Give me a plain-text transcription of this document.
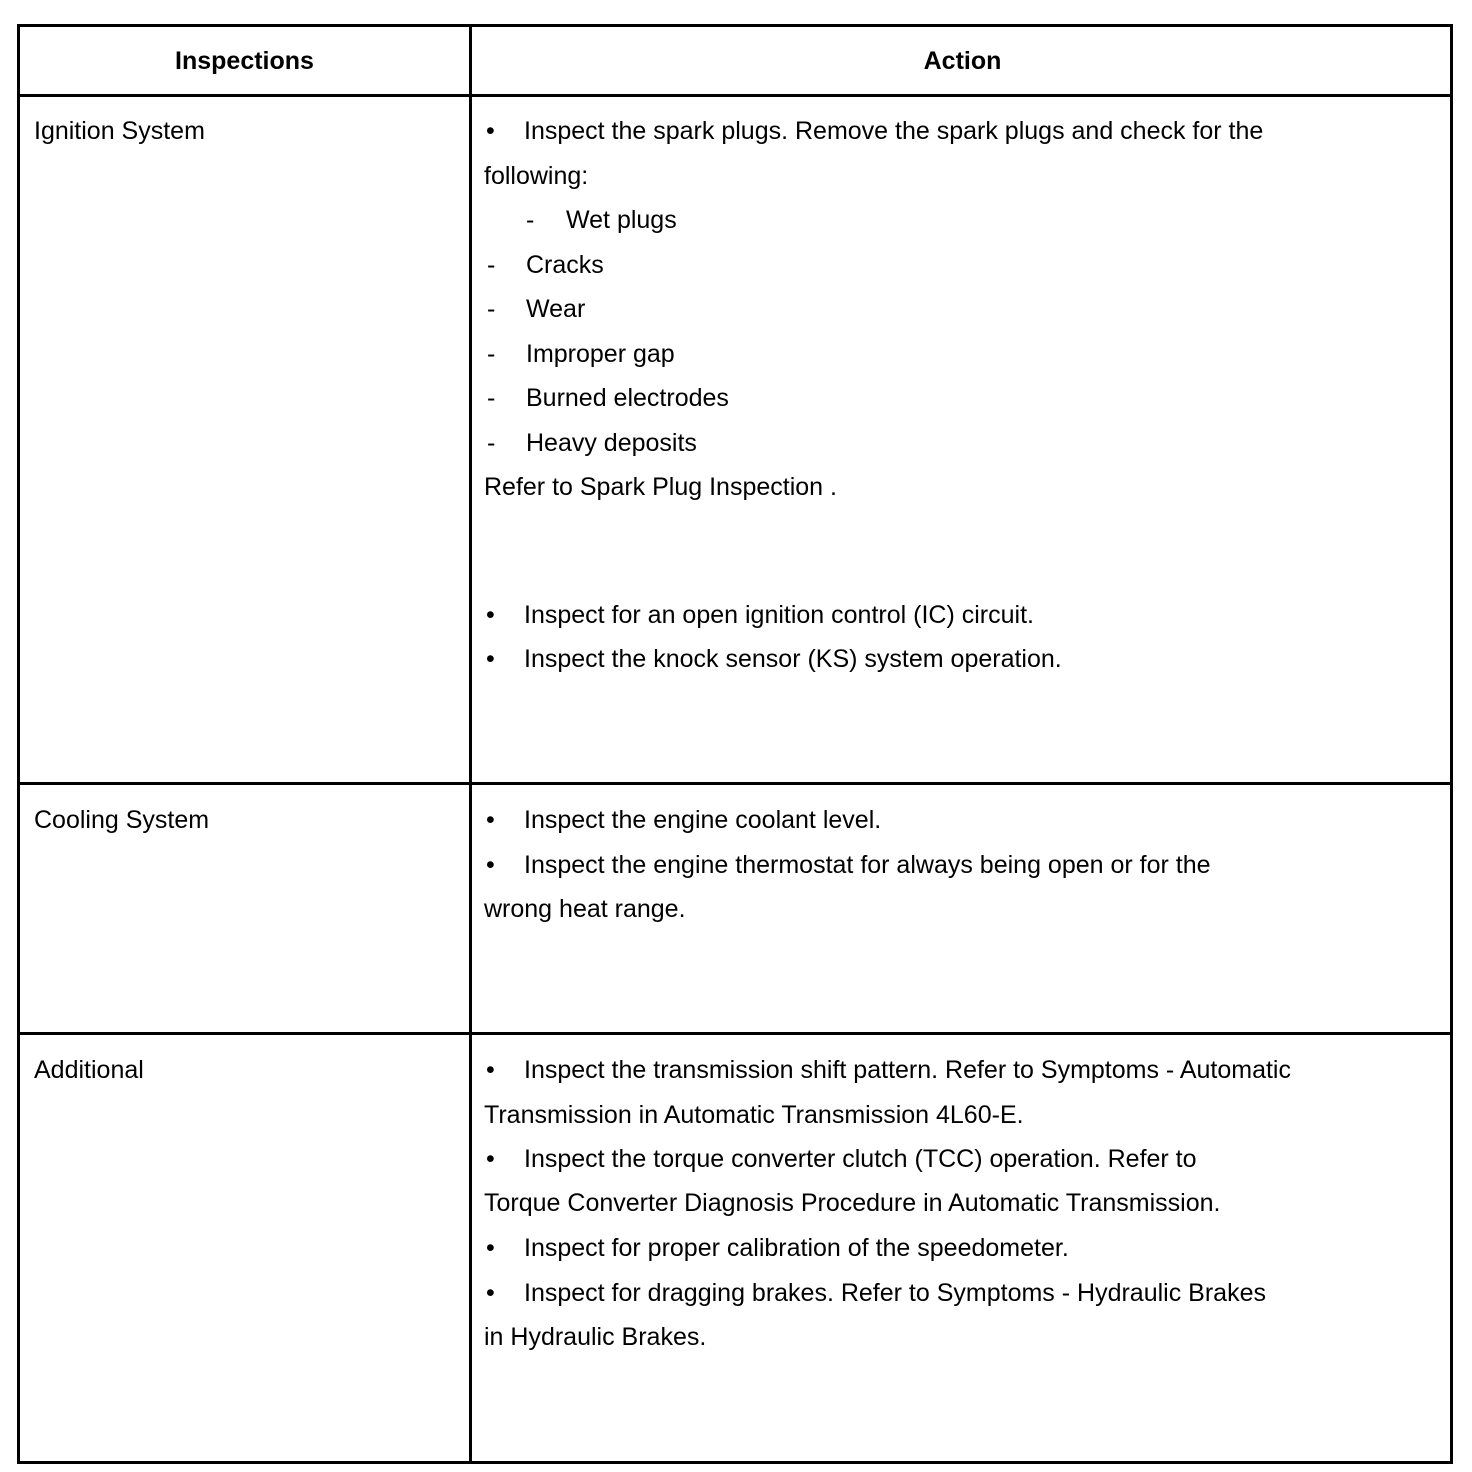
Inspections	Action
Ignition System	• Inspect the spark plugs. Remove the spark plugs and check for the
following:
- Wet plugs
- Cracks
- Wear
- Improper gap
- Burned electrodes
- Heavy deposits
Refer to Spark Plug Inspection .
• Inspect for an open ignition control (IC) circuit.
• Inspect the knock sensor (KS) system operation.
Cooling System	• Inspect the engine coolant level.
• Inspect the engine thermostat for always being open or for the
wrong heat range.
Additional	• Inspect the transmission shift pattern. Refer to Symptoms - Automatic
Transmission in Automatic Transmission 4L60-E.
• Inspect the torque converter clutch (TCC) operation. Refer to
Torque Converter Diagnosis Procedure in Automatic Transmission.
• Inspect for proper calibration of the speedometer.
• Inspect for dragging brakes. Refer to Symptoms - Hydraulic Brakes
in Hydraulic Brakes.
